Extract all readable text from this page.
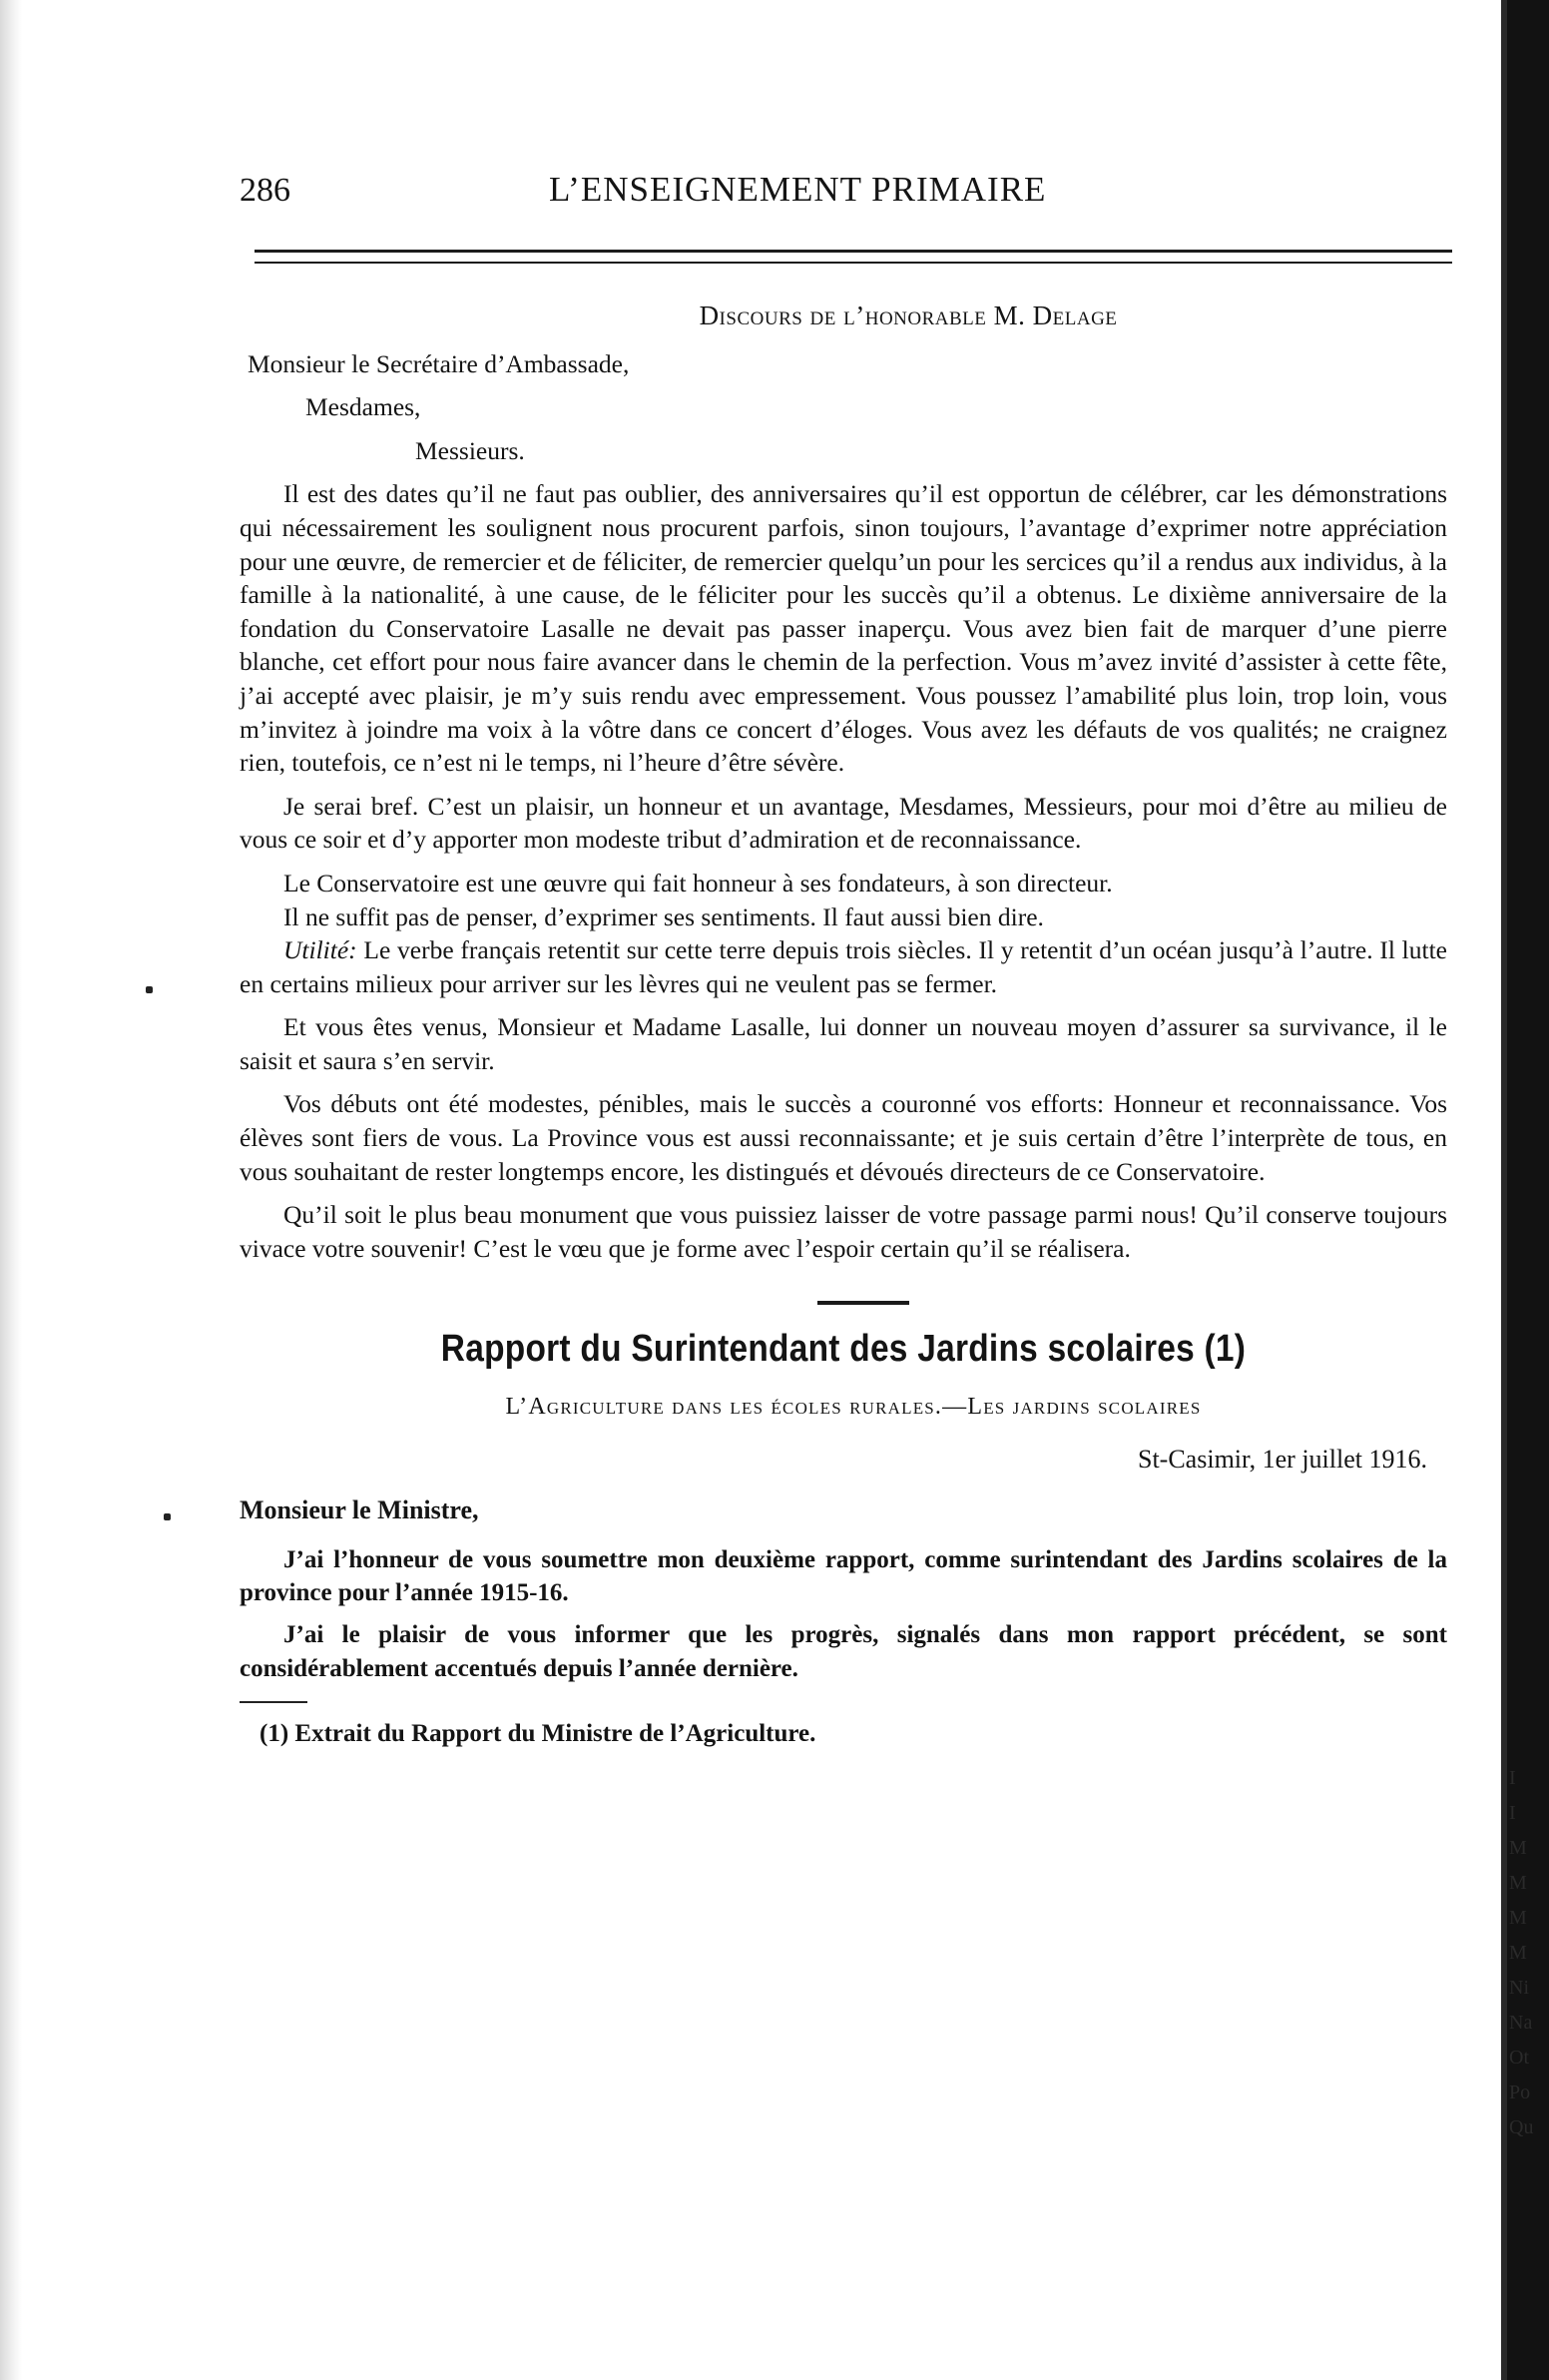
286	L’ENSEIGNEMENT PRIMAIRE

Discours de l’honorable M. Delage

Monsieur le Secrétaire d’Ambassade,

Mesdames,

Messieurs.

Il est des dates qu’il ne faut pas oublier, des anniversaires qu’il est opportun de célébrer, car les démonstrations qui nécessairement les soulignent nous procurent parfois, sinon toujours, l’avantage d’exprimer notre appréciation pour une œuvre, de remercier et de féliciter, de remercier quelqu’un pour les sercices qu’il a rendus aux individus, à la famille à la nationalité, à une cause, de le féliciter pour les succès qu’il a obtenus. Le dixième anniversaire de la fondation du Conservatoire Lasalle ne devait pas passer inaperçu. Vous avez bien fait de marquer d’une pierre blanche, cet effort pour nous faire avancer dans le chemin de la perfection. Vous m’avez invité d’assister à cette fête, j’ai accepté avec plaisir, je m’y suis rendu avec empressement. Vous poussez l’amabilité plus loin, trop loin, vous m’invitez à joindre ma voix à la vôtre dans ce concert d’éloges. Vous avez les défauts de vos qualités; ne craignez rien, toutefois, ce n’est ni le temps, ni l’heure d’être sévère.

Je serai bref. C’est un plaisir, un honneur et un avantage, Mesdames, Messieurs, pour moi d’être au milieu de vous ce soir et d’y apporter mon modeste tribut d’admiration et de reconnaissance.

Le Conservatoire est une œuvre qui fait honneur à ses fondateurs, à son directeur.

Il ne suffit pas de penser, d’exprimer ses sentiments. Il faut aussi bien dire.

Utilité: Le verbe français retentit sur cette terre depuis trois siècles. Il y retentit d’un océan jusqu’à l’autre. Il lutte en certains milieux pour arriver sur les lèvres qui ne veulent pas se fermer.

Et vous êtes venus, Monsieur et Madame Lasalle, lui donner un nouveau moyen d’assurer sa survivance, il le saisit et saura s’en servir.

Vos débuts ont été modestes, pénibles, mais le succès a couronné vos efforts: Honneur et reconnaissance. Vos élèves sont fiers de vous. La Province vous est aussi reconnaissante; et je suis certain d’être l’interprète de tous, en vous souhaitant de rester longtemps encore, les distingués et dévoués directeurs de ce Conservatoire.

Qu’il soit le plus beau monument que vous puissiez laisser de votre passage parmi nous! Qu’il conserve toujours vivace votre souvenir! C’est le vœu que je forme avec l’espoir certain qu’il se réalisera.

Rapport du Surintendant des Jardins scolaires (1)

L’Agriculture dans les écoles rurales.—Les jardins scolaires

St-Casimir, 1er juillet 1916.

Monsieur le Ministre,

J’ai l’honneur de vous soumettre mon deuxième rapport, comme surintendant des Jardins scolaires de la province pour l’année 1915-16.

J’ai le plaisir de vous informer que les progrès, signalés dans mon rapport précédent, se sont considérablement accentués depuis l’année dernière.

(1) Extrait du Rapport du Ministre de l’Agriculture.

I
I
M
M
M
M
Ni
Na
Ot
Po
Qu
